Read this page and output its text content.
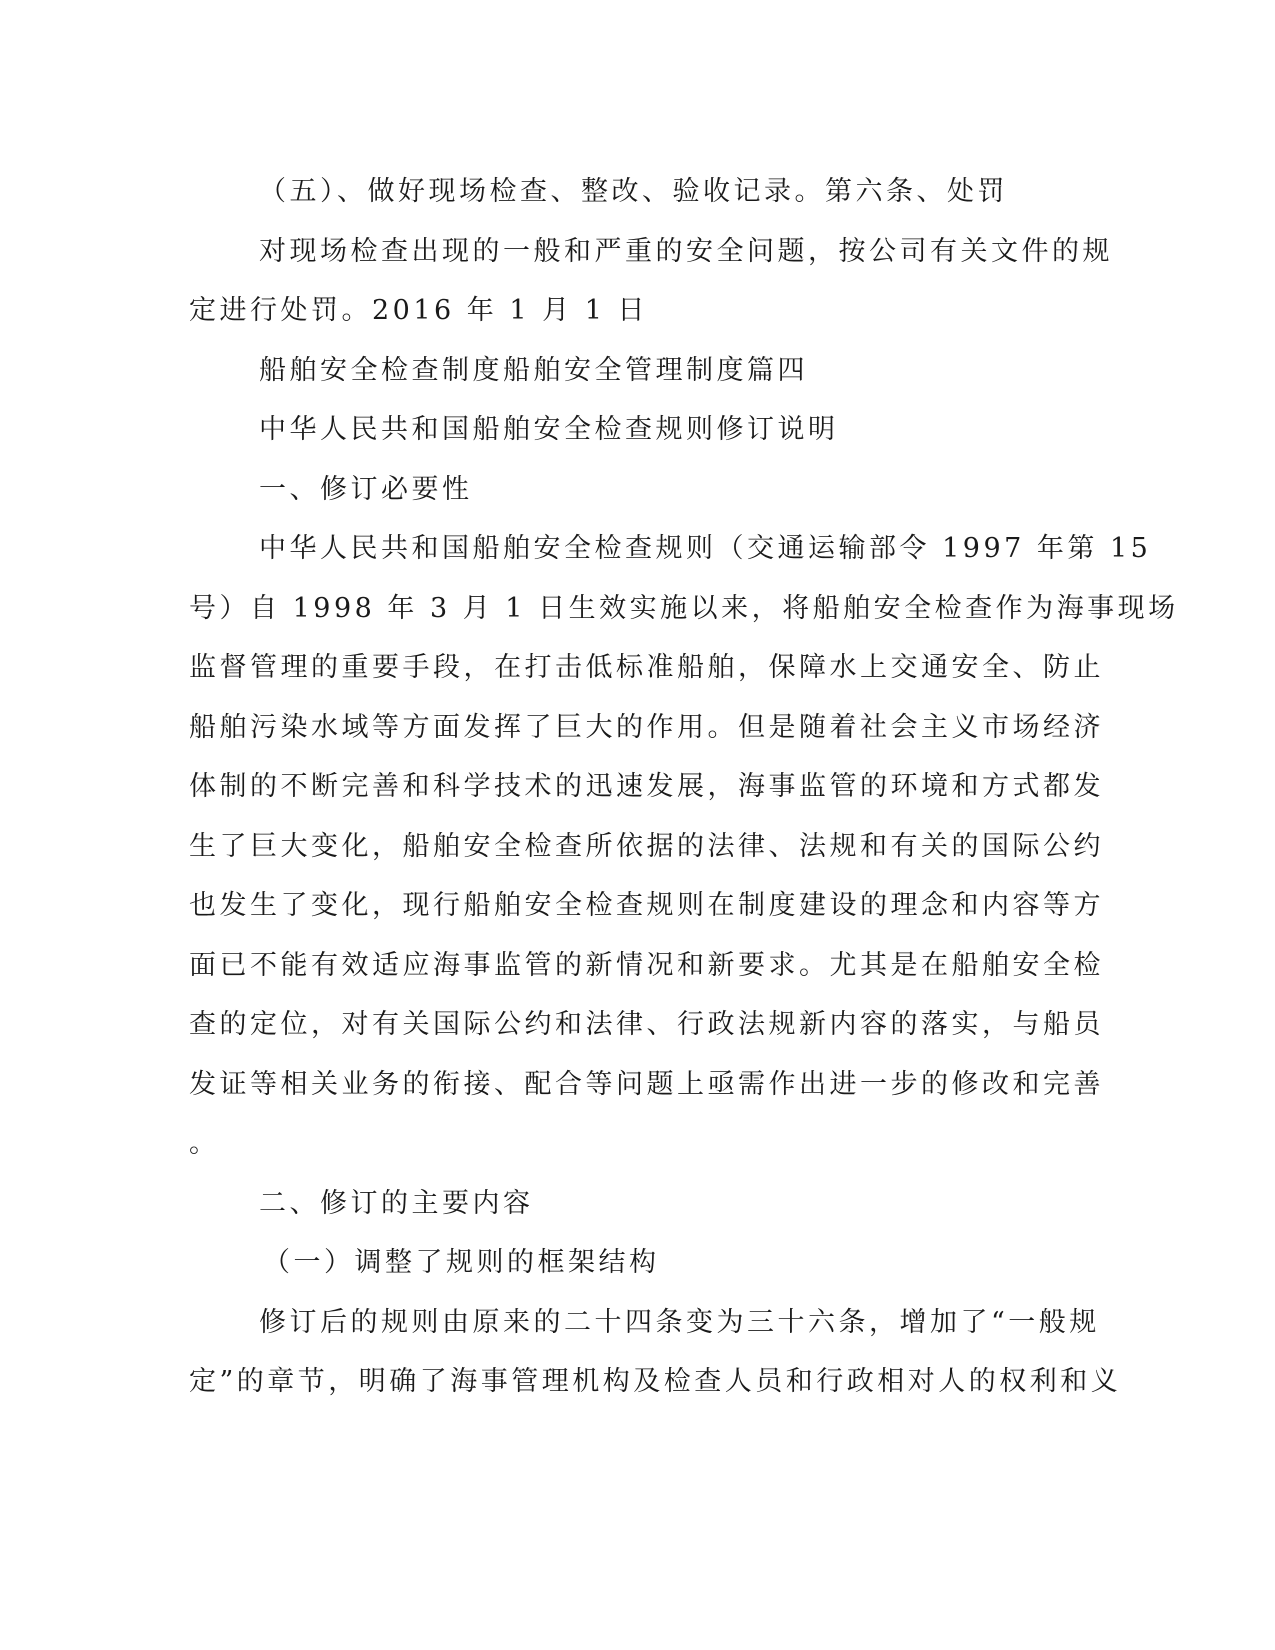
（五）、做好现场检查、整改、验收记录。第六条、处罚
对现场检查出现的一般和严重的安全问题，按公司有关文件的规
定进行处罚。2016 年 1 月 1 日
船舶安全检查制度船舶安全管理制度篇四
中华人民共和国船舶安全检查规则修订说明
一、修订必要性
中华人民共和国船舶安全检查规则（交通运输部令 1997 年第 15
号）自 1998 年 3 月 1 日生效实施以来，将船舶安全检查作为海事现场
监督管理的重要手段，在打击低标准船舶，保障水上交通安全、防止
船舶污染水域等方面发挥了巨大的作用。但是随着社会主义市场经济
体制的不断完善和科学技术的迅速发展，海事监管的环境和方式都发
生了巨大变化，船舶安全检查所依据的法律、法规和有关的国际公约
也发生了变化，现行船舶安全检查规则在制度建设的理念和内容等方
面已不能有效适应海事监管的新情况和新要求。尤其是在船舶安全检
查的定位，对有关国际公约和法律、行政法规新内容的落实，与船员
发证等相关业务的衔接、配合等问题上亟需作出进一步的修改和完善
。
二、修订的主要内容
（一）调整了规则的框架结构
修订后的规则由原来的二十四条变为三十六条，增加了“一般规
定”的章节，明确了海事管理机构及检查人员和行政相对人的权利和义
